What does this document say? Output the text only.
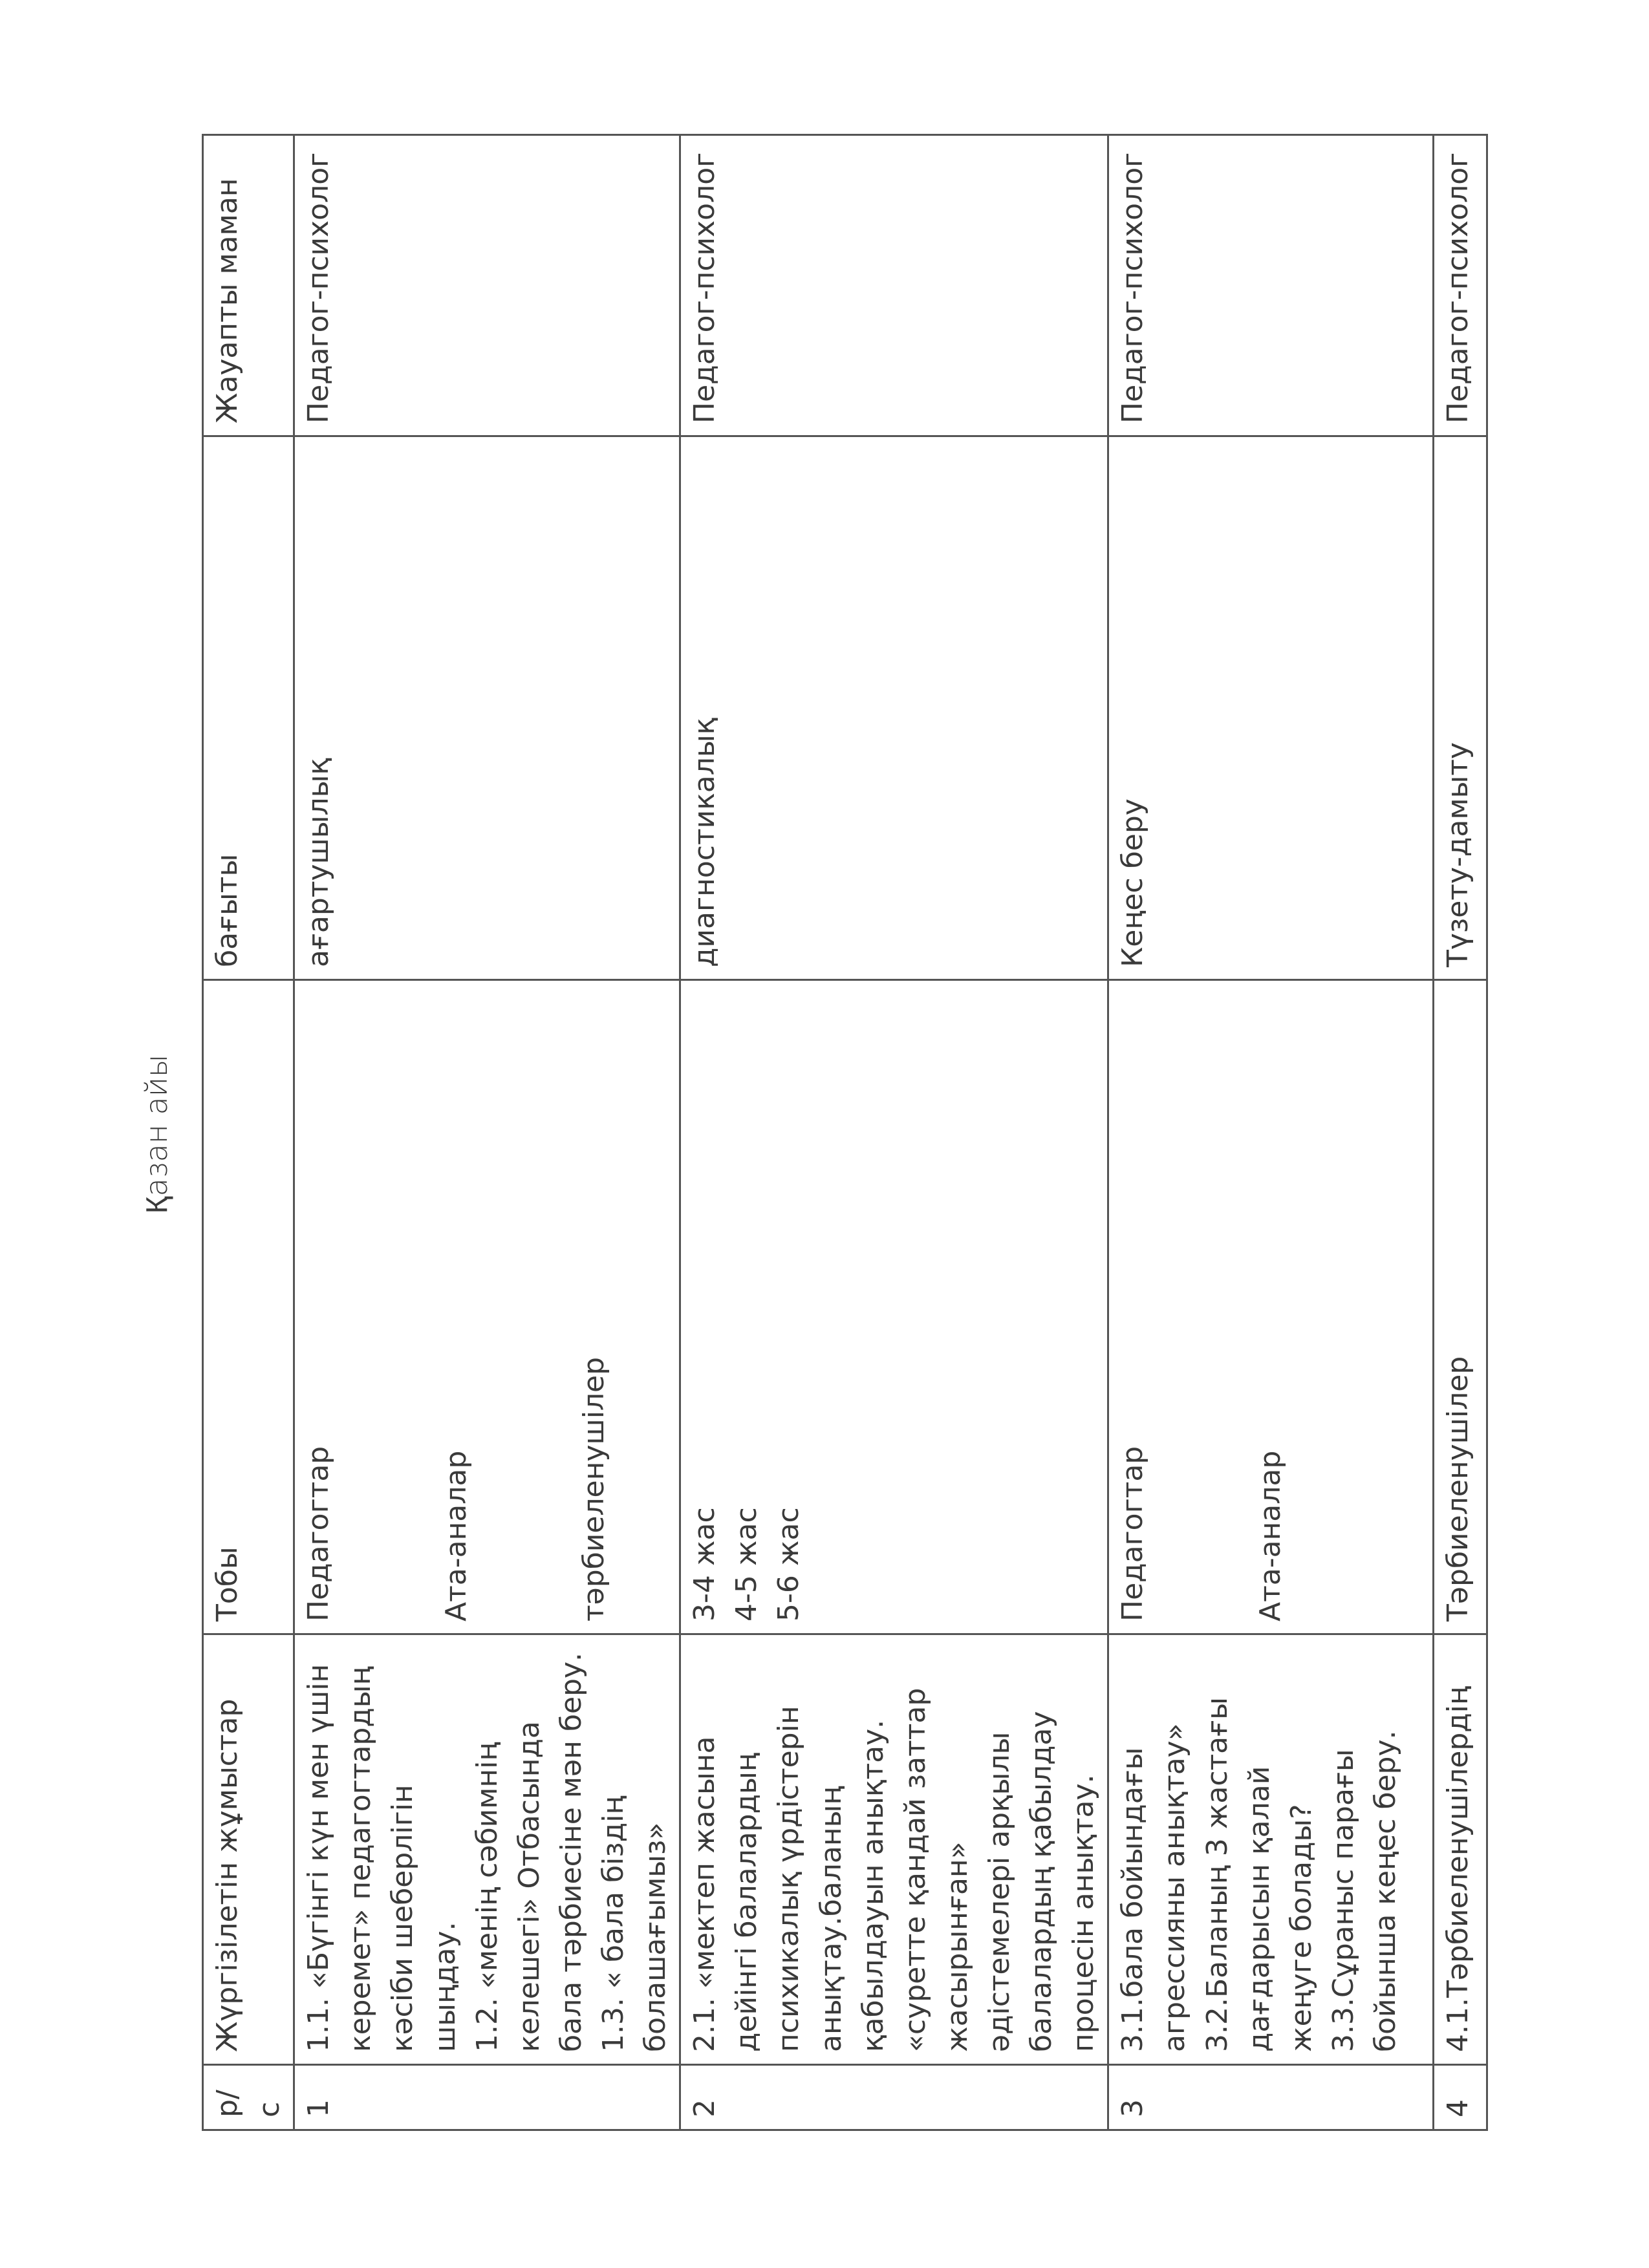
Қазан айы
р/с	Жүргізілетін жұмыстар	Тобы	бағыты	Жауапты маман
1	1.1. «Бүгінгі күн мен үшін керемет» педагогтардың кәсіби шеберлігін шыңдау. 1.2. «менің сәбимнің келешегі» Отбасында бала тәрбиесіне мән беру. 1.3. « бала біздің болашағымыз»	Педагогтар Ата-аналар тәрбиеленушілер	ағартушылық	Педагог-психолог
2	2.1. «мектеп жасына дейінгі балалардың психикалық үрдістерін анықтау.баланың қабылдауын анықтау. «суретте қандай заттар жасырынған» әдістемелері арқылы балалардың қабылдау процесін анықтау.	3-4 жас 4-5 жас 5-6 жас	диагностикалық	Педагог-психолог
3	3.1.бала бойындағы агрессияны анықтау» 3.2.Баланың 3 жастағы дағдарысын қалай жеңуге болады? 3.3.Сұраныс парағы бойынша кеңес беру.	Педагогтар Ата-аналар	Кеңес беру	Педагог-психолог
4	4.1.Тәрбиеленушілердің	Тәрбиеленушілер	Түзету-дамыту	Педагог-психолог
